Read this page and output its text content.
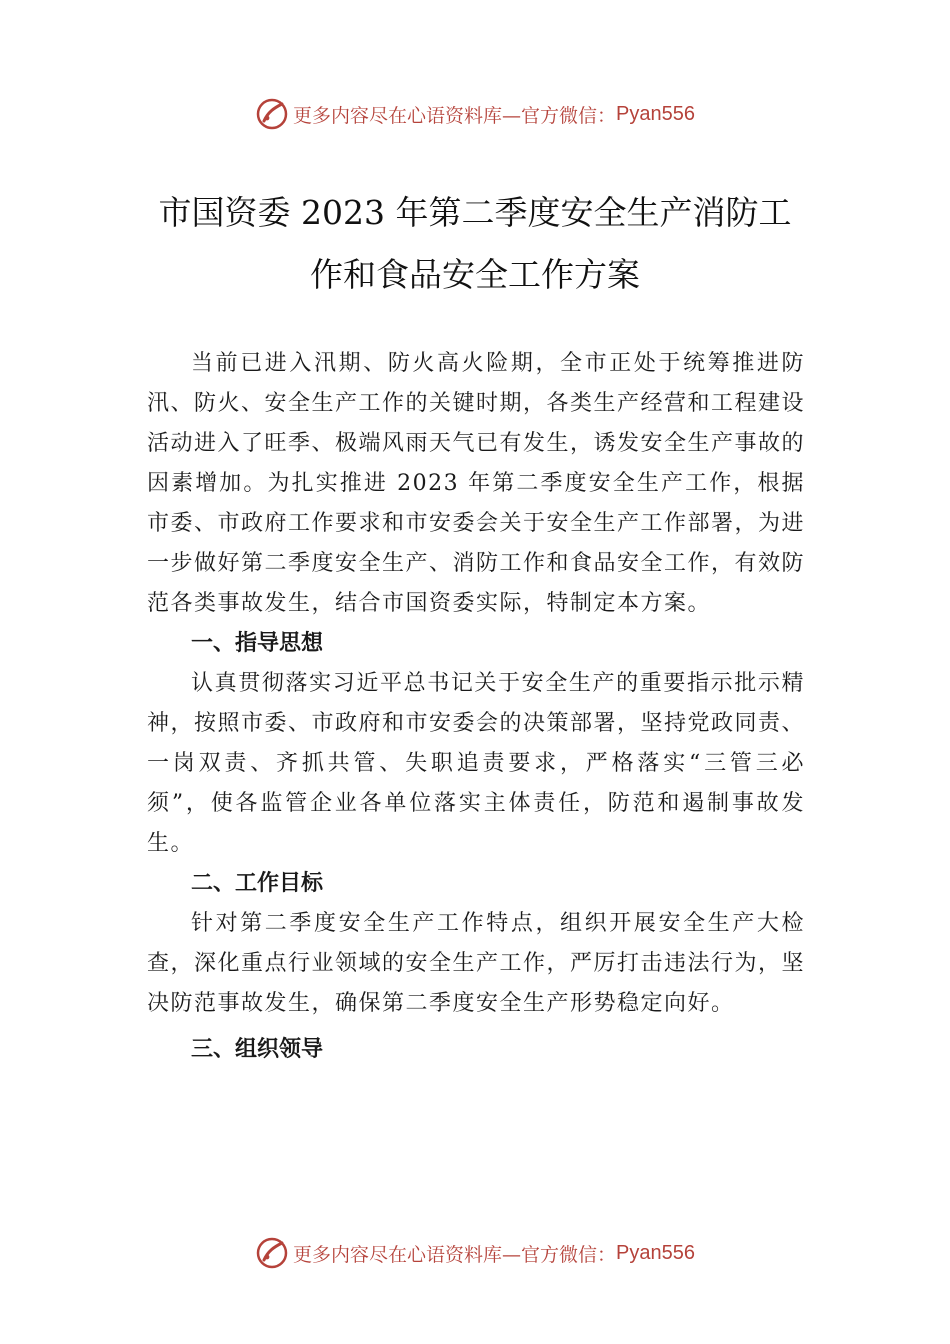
更多内容尽在心语资料库—官方微信： Pyan556
市国资委 2023 年第二季度安全生产消防工
作和食品安全工作方案

当前已进入汛期、防火高火险期，全市正处于统筹推进防汛、防火、安全生产工作的关键时期，各类生产经营和工程建设活动进入了旺季、极端风雨天气已有发生，诱发安全生产事故的因素增加。为扎实推进 2023 年第二季度安全生产工作，根据市委、市政府工作要求和市安委会关于安全生产工作部署，为进一步做好第二季度安全生产、消防工作和食品安全工作，有效防范各类事故发生，结合市国资委实际，特制定本方案。

一、指导思想

认真贯彻落实习近平总书记关于安全生产的重要指示批示精神，按照市委、市政府和市安委会的决策部署，坚持党政同责、一岗双责、齐抓共管、失职追责要求，严格落实“三管三必须”，使各监管企业各单位落实主体责任，防范和遏制事故发生。

二、工作目标

针对第二季度安全生产工作特点，组织开展安全生产大检查，深化重点行业领域的安全生产工作，严厉打击违法行为，坚决防范事故发生，确保第二季度安全生产形势稳定向好。

三、组织领导

更多内容尽在心语资料库—官方微信： Pyan556
